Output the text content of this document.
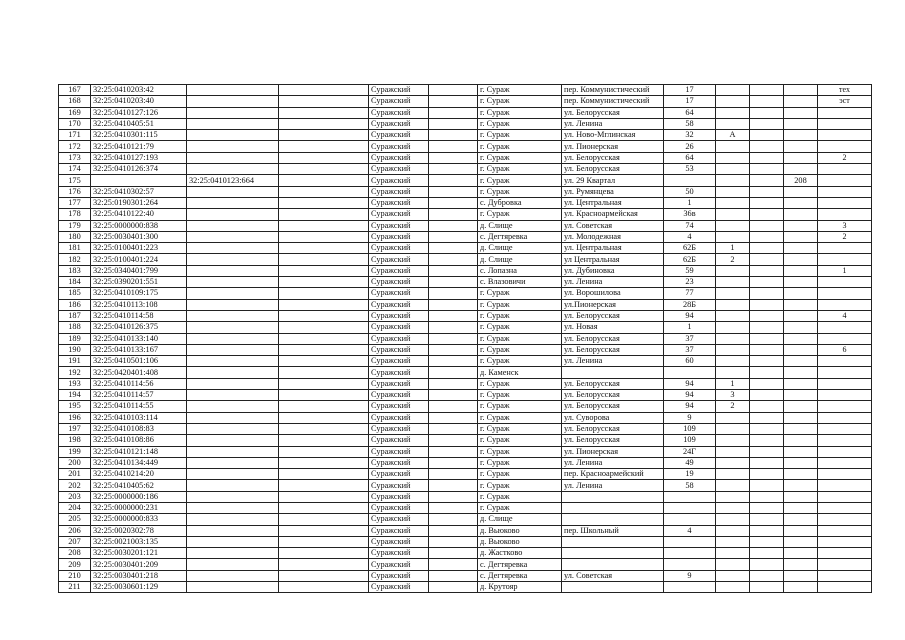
167	32:25:0410203:42			Суражский		г. Сураж	пер. Коммунистический	17				тех
168	32:25:0410203:40			Суражский		г. Сураж	пер. Коммунистический	17				эст
169	32:25:0410127:126			Суражский		г. Сураж	ул. Белорусская	64				
170	32:25:0410405:51			Суражский		г. Сураж	ул. Ленина	58				
171	32:25:0410301:115			Суражский		г. Сураж	ул. Ново-Мглинская	32	А			
172	32:25:0410121:79			Суражский		г. Сураж	ул. Пионерская	26				
173	32:25:0410127:193			Суражский		г. Сураж	ул. Белорусская	64				2
174	32:25:0410126:374			Суражский		г. Сураж	ул. Белорусская	53				
175		32:25:0410123:664		Суражский		г. Сураж	ул. 29 Квартал				208	
176	32:25:0410302:57			Суражский		г. Сураж	ул. Румянцева	50				
177	32:25:0190301:264			Суражский		с. Дубровка	ул. Центральная	1				
178	32:25:0410122:40			Суражский		г. Сураж	ул. Красноармейская	36в				
179	32:25:0000000:838			Суражский		д. Слище	ул. Советская	74				3
180	32:25:0030401:300			Суражский		с. Дегтяревка	ул. Молодежная	4				2
181	32:25:0100401:223			Суражский		д. Слище	ул. Центральная	62Б	1			
182	32:25:0100401:224			Суражский		д. Слище	ул Центральная	62Б	2			
183	32:25:0340401:799			Суражский		с. Лопазна	ул. Дубиновка	59				1
184	32:25:0390201:551			Суражский		с. Влазовичи	ул. Ленина	23				
185	32:25:0410109:175			Суражский		г. Сураж	ул. Ворошилова	77				
186	32:25:0410113:108			Суражский		г. Сураж	ул.Пионерская	28Б				
187	32:25:0410114:58			Суражский		г. Сураж	ул. Белорусская	94				4
188	32:25:0410126:375			Суражский		г. Сураж	ул. Новая	1				
189	32:25:0410133:140			Суражский		г. Сураж	ул. Белорусская	37				
190	32:25:0410133:167			Суражский		г. Сураж	ул. Белорусская	37				6
191	32:25:0410501:106			Суражский		г. Сураж	ул. Ленина	60				
192	32:25:0420401:408			Суражский		д. Каменск						
193	32:25:0410114:56			Суражский		г. Сураж	ул. Белорусская	94	1			
194	32:25:0410114:57			Суражский		г. Сураж	ул. Белорусская	94	3			
195	32:25:0410114:55			Суражский		г. Сураж	ул. Белорусская	94	2			
196	32:25:0410103:114			Суражский		г. Сураж	ул. Суворова	9				
197	32:25:0410108:83			Суражский		г. Сураж	ул. Белорусская	109				
198	32:25:0410108:86			Суражский		г. Сураж	ул. Белорусская	109				
199	32:25:0410121:148			Суражский		г. Сураж	ул. Пионерская	24Г				
200	32:25:0410134:449			Суражский		г. Сураж	ул. Ленина	49				
201	32:25:0410214:20			Суражский		г. Сураж	пер. Красноармейский	19				
202	32:25:0410405:62			Суражский		г. Сураж	ул. Ленина	58				
203	32:25:0000000:186			Суражский		г. Сураж						
204	32:25:0000000:231			Суражский		г. Сураж						
205	32:25:0000000:833			Суражский		д. Слище						
206	32:25:0020302:78			Суражский		д. Вьюково	пер. Школьный	4				
207	32:25:0021003:135			Суражский		д. Вьюково						
208	32:25:0030201:121			Суражский		д. Жастково						
209	32:25:0030401:209			Суражский		с. Дегтяревка						
210	32:25:0030401:218			Суражский		с. Дегтяревка	ул. Советская	9				
211	32:25:0030601:129			Суражский		д. Крутояр						
